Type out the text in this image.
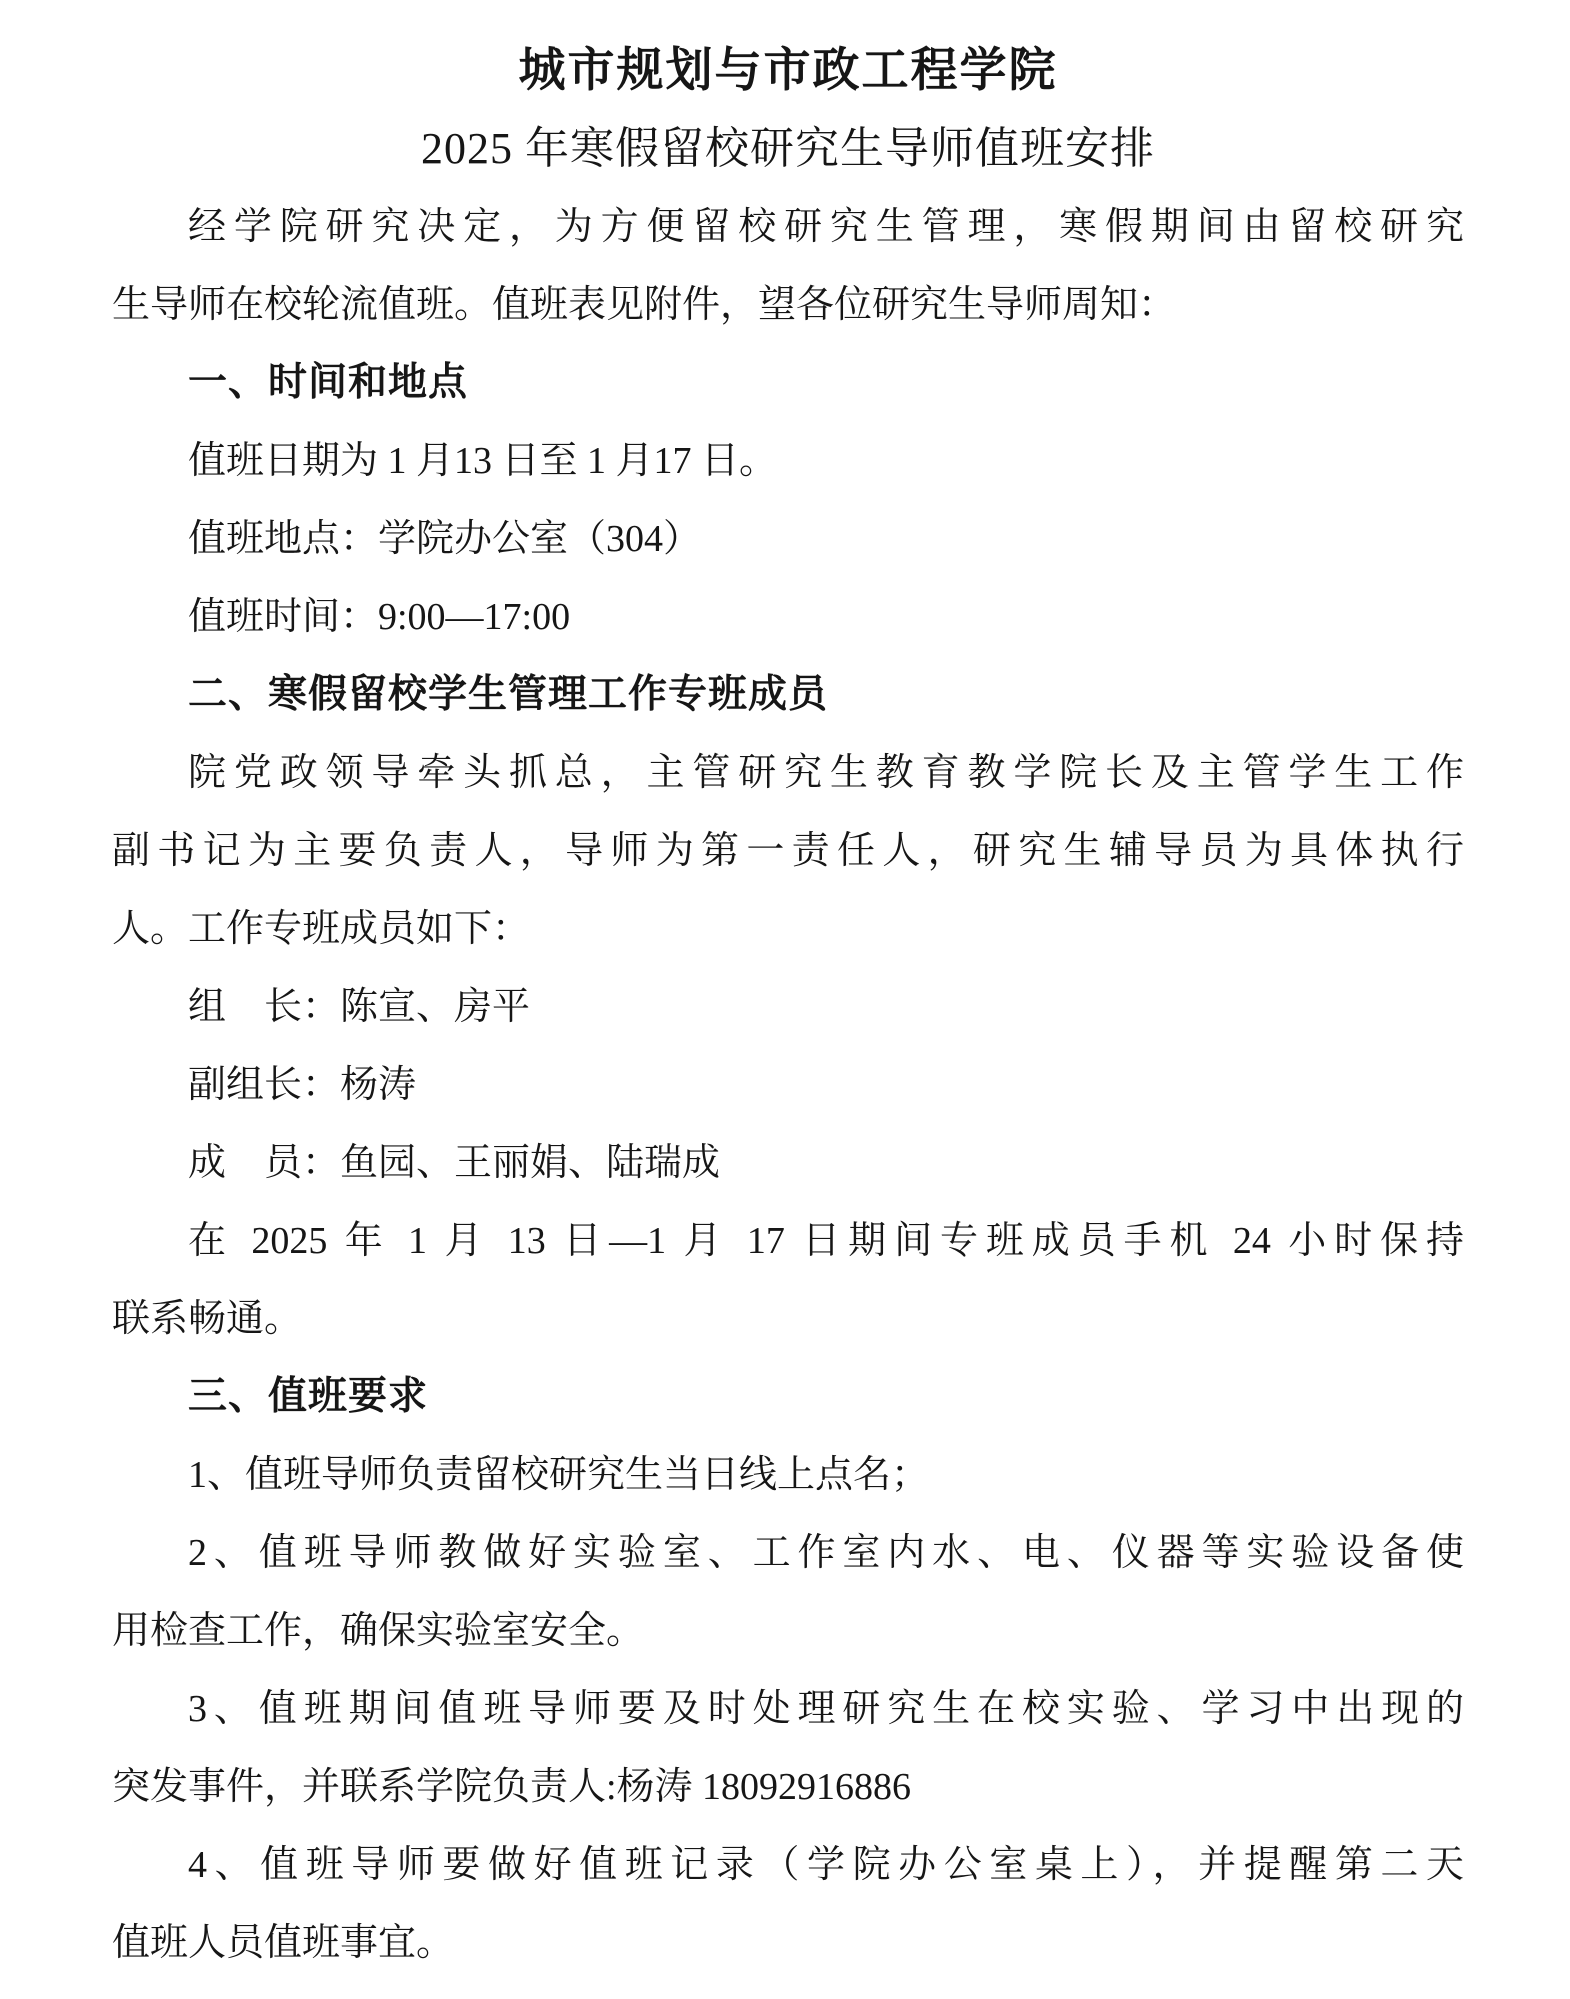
城市规划与市政工程学院
2025 年寒假留校研究生导师值班安排
经学院研究决定，为方便留校研究生管理，寒假期间由留校研究
生导师在校轮流值班。值班表见附件，望各位研究生导师周知：
一、时间和地点
值班日期为 1 月13 日至 1 月17 日。
值班地点：学院办公室（304）
值班时间：9:00—17:00
二、寒假留校学生管理工作专班成员
院党政领导牵头抓总，主管研究生教育教学院长及主管学生工作
副书记为主要负责人，导师为第一责任人，研究生辅导员为具体执行
人。工作专班成员如下：
组　长：陈宣、房平
副组长：杨涛
成　员：鱼园、王丽娟、陆瑞成
在 2025 年 1 月 13 日—1 月 17 日期间专班成员手机 24 小时保持
联系畅通。
三、值班要求
1、值班导师负责留校研究生当日线上点名；
2、值班导师教做好实验室、工作室内水、电、仪器等实验设备使
用检查工作，确保实验室安全。
3、值班期间值班导师要及时处理研究生在校实验、学习中出现的
突发事件，并联系学院负责人:杨涛 18092916886
4、值班导师要做好值班记录（学院办公室桌上），并提醒第二天
值班人员值班事宜。
